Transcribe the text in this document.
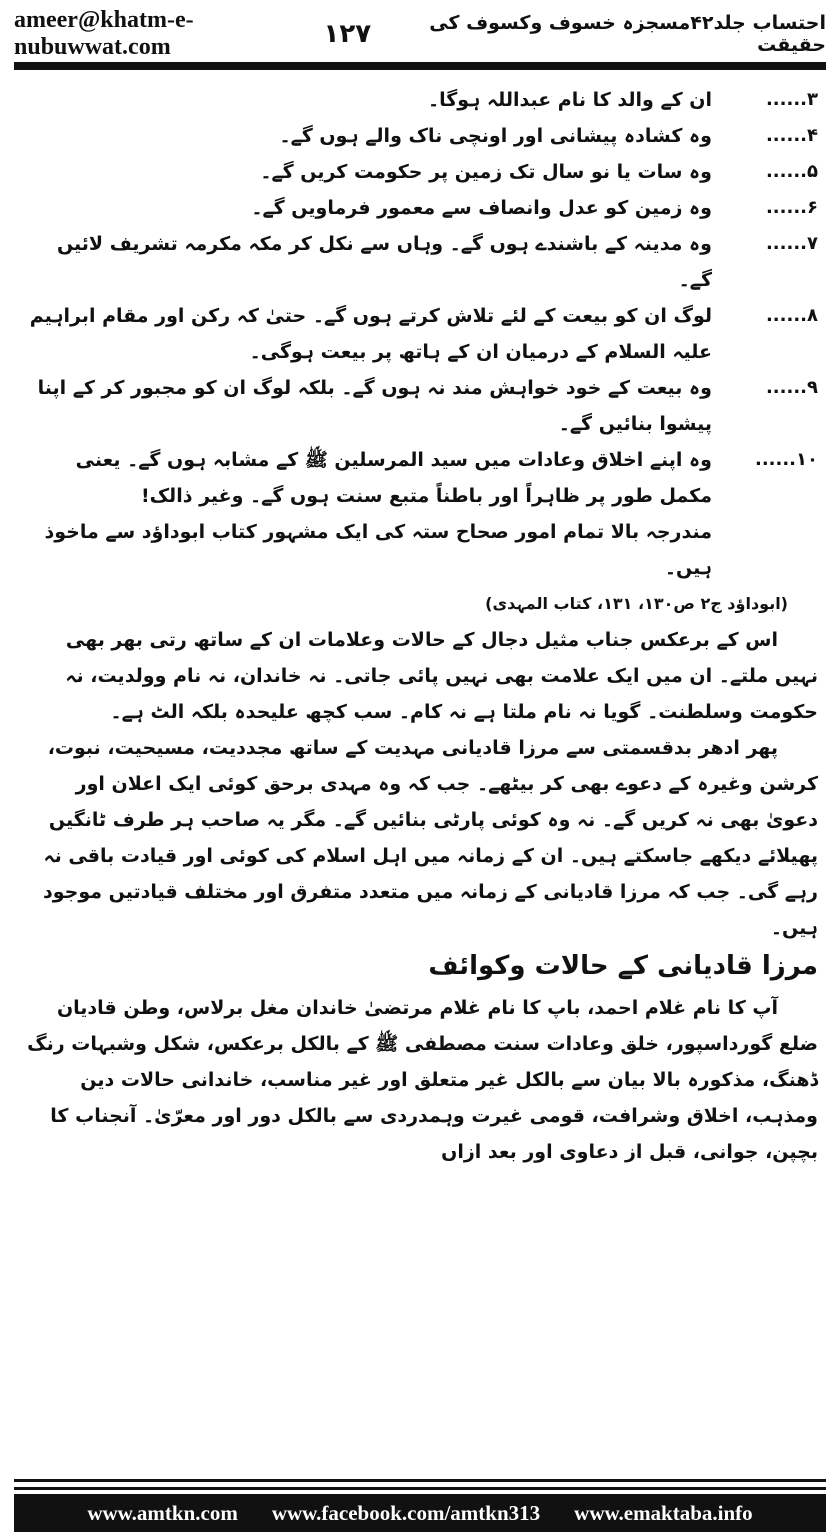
ameer@khatm-e-nubuwwat.com
احتساب جلد۴۲مسجزہ خسوف وکسوف کی حقیقت
۱۲۷
۳......
ان کے والد کا نام عبداللہ ہوگا۔
۴......
وہ کشادہ پیشانی اور اونچی ناک والے ہوں گے۔
۵......
وہ سات یا نو سال تک زمین پر حکومت کریں گے۔
۶......
وہ زمین کو عدل وانصاف سے معمور فرماویں گے۔
۷......
وہ مدینہ کے باشندے ہوں گے۔ وہاں سے نکل کر مکہ مکرمہ تشریف لائیں گے۔
۸......
لوگ ان کو بیعت کے لئے تلاش کرتے ہوں گے۔ حتیٰ کہ رکن اور مقام ابراہیم علیہ السلام کے درمیان ان کے ہاتھ پر بیعت ہوگی۔
۹......
وہ بیعت کے خود خواہش مند نہ ہوں گے۔ بلکہ لوگ ان کو مجبور کر کے اپنا پیشوا بنائیں گے۔
۱۰......
وہ اپنے اخلاق وعادات میں سید المرسلین ﷺ کے مشابہ ہوں گے۔ یعنی مکمل طور پر ظاہراً اور باطناً متبع سنت ہوں گے۔ وغیر ذالک!

مندرجہ بالا تمام امور صحاح ستہ کی ایک مشہور کتاب ابوداؤد سے ماخوذ ہیں۔

(ابوداؤد ج۲ ص۱۳۰، ۱۳۱، کتاب المہدی)

اس کے برعکس جناب مثیل دجال کے حالات وعلامات ان کے ساتھ رتی بھر بھی نہیں ملتے۔ ان میں ایک علامت بھی نہیں پائی جاتی۔ نہ خاندان، نہ نام وولدیت، نہ حکومت وسلطنت۔ گویا نہ نام ملتا ہے نہ کام۔ سب کچھ علیحدہ بلکہ الٹ ہے۔

پھر ادھر بدقسمتی سے مرزا قادیانی مہدیت کے ساتھ مجددیت، مسیحیت، نبوت، کرشن وغیرہ کے دعوے بھی کر بیٹھے۔ جب کہ وہ مہدی برحق کوئی ایک اعلان اور دعویٰ بھی نہ کریں گے۔ نہ وہ کوئی پارٹی بنائیں گے۔ مگر یہ صاحب ہر طرف ٹانگیں پھیلائے دیکھے جاسکتے ہیں۔ ان کے زمانہ میں اہل اسلام کی کوئی اور قیادت باقی نہ رہے گی۔ جب کہ مرزا قادیانی کے زمانہ میں متعدد متفرق اور مختلف قیادتیں موجود ہیں۔

مرزا قادیانی کے حالات وکوائف

آپ کا نام غلام احمد، باپ کا نام غلام مرتضیٰ خاندان مغل برلاس، وطن قادیان ضلع گورداسپور، خلق وعادات سنت مصطفی ﷺ کے بالکل برعکس، شکل وشبہات رنگ ڈھنگ، مذکورہ بالا بیان سے بالکل غیر متعلق اور غیر مناسب، خاندانی حالات دین ومذہب، اخلاق وشرافت، قومی غیرت وہمدردی سے بالکل دور اور معرّیٰ۔ آنجناب کا بچپن، جوانی، قبل از دعاوی اور بعد ازاں

www.amtkn.com www.facebook.com/amtkn313 www.emaktaba.info
